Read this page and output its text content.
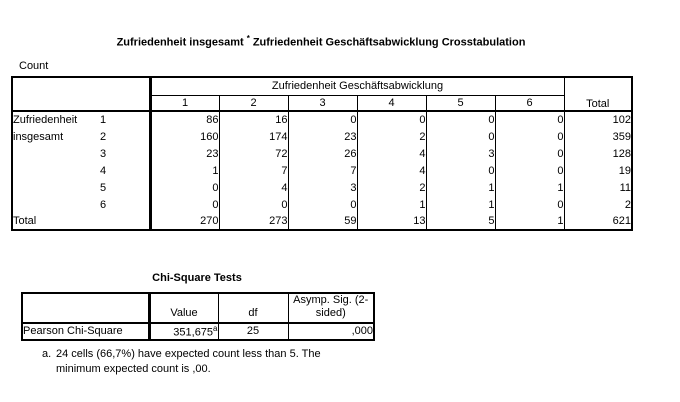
Zufriedenheit insgesamt * Zufriedenheit Geschäftsabwicklung Crosstabulation
Count
		Zufriedenheit Geschäftsabwicklung						Total
		1	2	3	4	5	6	
Zufriedenheit insgesamt	1	86	16	0	0	0	0	102
	2	160	174	23	2	0	0	359
	3	23	72	26	4	3	0	128
	4	1	7	7	4	0	0	19
	5	0	4	3	2	1	1	11
	6	0	0	0	1	1	0	2
Total		270	273	59	13	5	1	621
Chi-Square Tests
	Value	df	Asymp. Sig. (2-sided)
Pearson Chi-Square	351,675$^a$	25	,000
a. 24 cells (66,7%) have expected count less than 5. The minimum expected count is ,00.
